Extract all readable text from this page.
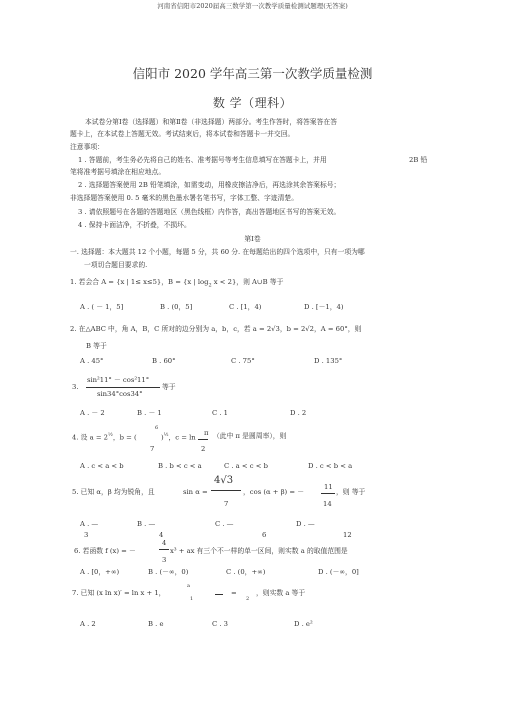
河南省信阳市2020届高三数学第一次教学质量检测试题理(无答案)
信阳市 2020 学年高三第一次教学质量检测
数 学（理科）
本试卷分第Ⅰ卷（选择题）和第Ⅱ卷（非选择题）两部分。考生作答时，将答案答在答
题卡上，在本试卷上答题无效。考试结束后，将本试卷和答题卡一并交回。
注意事项：
1 . 答题前，考生务必先将自己的姓名、准考据号等考生信息填写在答题卡上，并用	2B 铅
笔将准考据号填涂在相应地点。
2 . 选择题答案使用 2B 铅笔填涂，如需变动，用橡皮擦洁净后，再选涂其余答案标号；
非选择题答案使用 0. 5 毫米的黑色墨水署名笔书写，字体工整、字迹清楚。
3 . 请依照题号在各题的答题地区（黑色线框）内作答，高出答题地区书写的答案无效。
4 . 保持卡面洁净，不折叠，不损坏。
第Ⅰ卷
一. 选择题：本大题共 12 个小题，每题 5 分，共 60 分. 在每题给出的四个选项中，只有一项为哪
一项切合题目要求的.
1. 若会合 A = {x | 1≤ x≤5}，B = {x | $\log_2 x < 2$}，则 A∪B 等于
A . ( － 1，5]	B . (0，5]	C . [1，4)	D . [－1，4)
2. 在△ABC 中，角 A，B，C 所对的边分别为 a，b，c，若 a = 2√3，b = 2√2，A = 60°，则
B 等于
A . 45°	B . 60°	C . 75°	D . 135°
3.
sin²11° － cos²11°
sin34°cos34°
等于
A . － 2	B . － 1	C . 1	D . 2
4. 设 $a = 2^{\frac{1}{2}}$，b = (
6
7
)$^{\frac{1}{2}}$，c = ln
π
2
（此中 π 是圆周率），则
A . c < a < b	B . b < c < a	C . a < c < b	D . c < b < a
5. 已知 α，β 均为锐角，且	sin α =
4√3
7
，cos (α + β) = －
11
14
，则 等于
A . —
3
B . —
4
C . —
6
D . —
12
6. 若函数 f (x) = －
4
3
x³ + ax 有三个不一样的单一区间，则实数 a 的取值范围是
A . [0，+∞)	B . (－∞，0)	C . (0，+∞)	D . (－∞，0]
7. 已知 (x ln x)′ = ln x + 1，
a
1
=
2
，则实数 a 等于
A . 2	B . e	C . 3	D . e²
